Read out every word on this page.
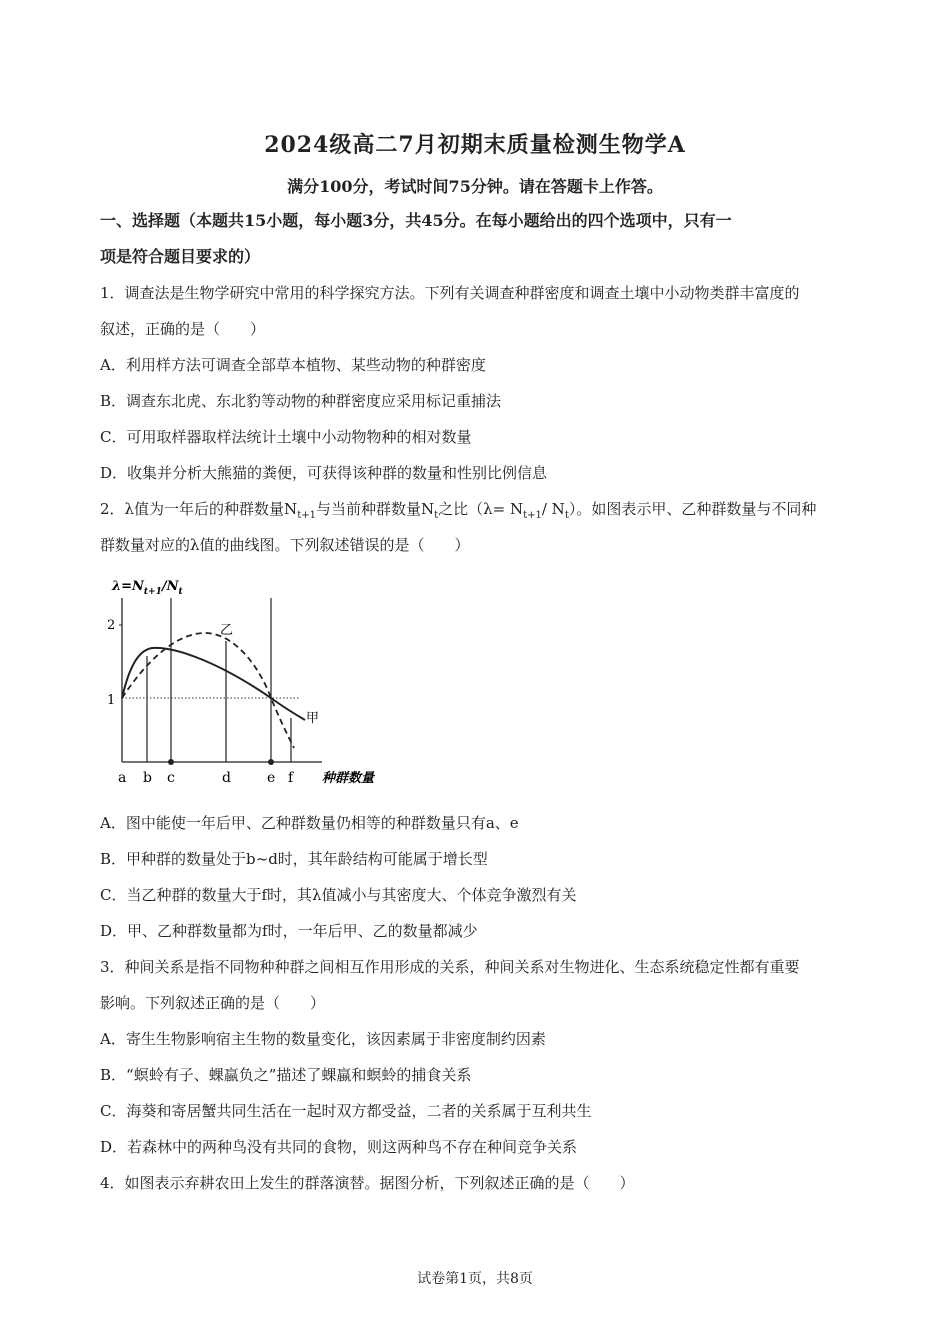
2024级高二7月初期末质量检测生物学A
满分100分，考试时间75分钟。请在答题卡上作答。
一、选择题（本题共15小题，每小题3分，共45分。在每小题给出的四个选项中，只有一
项是符合题目要求的）
1．调查法是生物学研究中常用的科学探究方法。下列有关调查种群密度和调查土壤中小动物类群丰富度的
叙述，正确的是（　　）
A．利用样方法可调查全部草本植物、某些动物的种群密度
B．调查东北虎、东北豹等动物的种群密度应采用标记重捕法
C．可用取样器取样法统计土壤中小动物物种的相对数量
D．收集并分析大熊猫的粪便，可获得该种群的数量和性别比例信息
2．λ值为一年后的种群数量$N_{t+1}$与当前种群数量$N_t$之比（$\lambda= N_{t+1}/$ $N_t$）。如图表示甲、乙种群数量与不同种
群数量对应的λ值的曲线图。下列叙述错误的是（　　）
$\lambda=N_{t+1}/N_t$
2
1
乙
甲
a b c	d	e f 种群数量
A．图中能使一年后甲、乙种群数量仍相等的种群数量只有a、e
B．甲种群的数量处于b~d时，其年龄结构可能属于增长型
C．当乙种群的数量大于f时，其λ值减小与其密度大、个体竞争激烈有关
D．甲、乙种群数量都为f时，一年后甲、乙的数量都减少
3．种间关系是指不同物种种群之间相互作用形成的关系，种间关系对生物进化、生态系统稳定性都有重要
影响。下列叙述正确的是（　　）
A．寄生生物影响宿主生物的数量变化，该因素属于非密度制约因素
B．“螟蛉有子、蜾蠃负之”描述了蜾蠃和螟蛉的捕食关系
C．海葵和寄居蟹共同生活在一起时双方都受益，二者的关系属于互利共生
D．若森林中的两种鸟没有共同的食物，则这两种鸟不存在种间竞争关系
4．如图表示弃耕农田上发生的群落演替。据图分析，下列叙述正确的是（　　）
试卷第1页，共8页
